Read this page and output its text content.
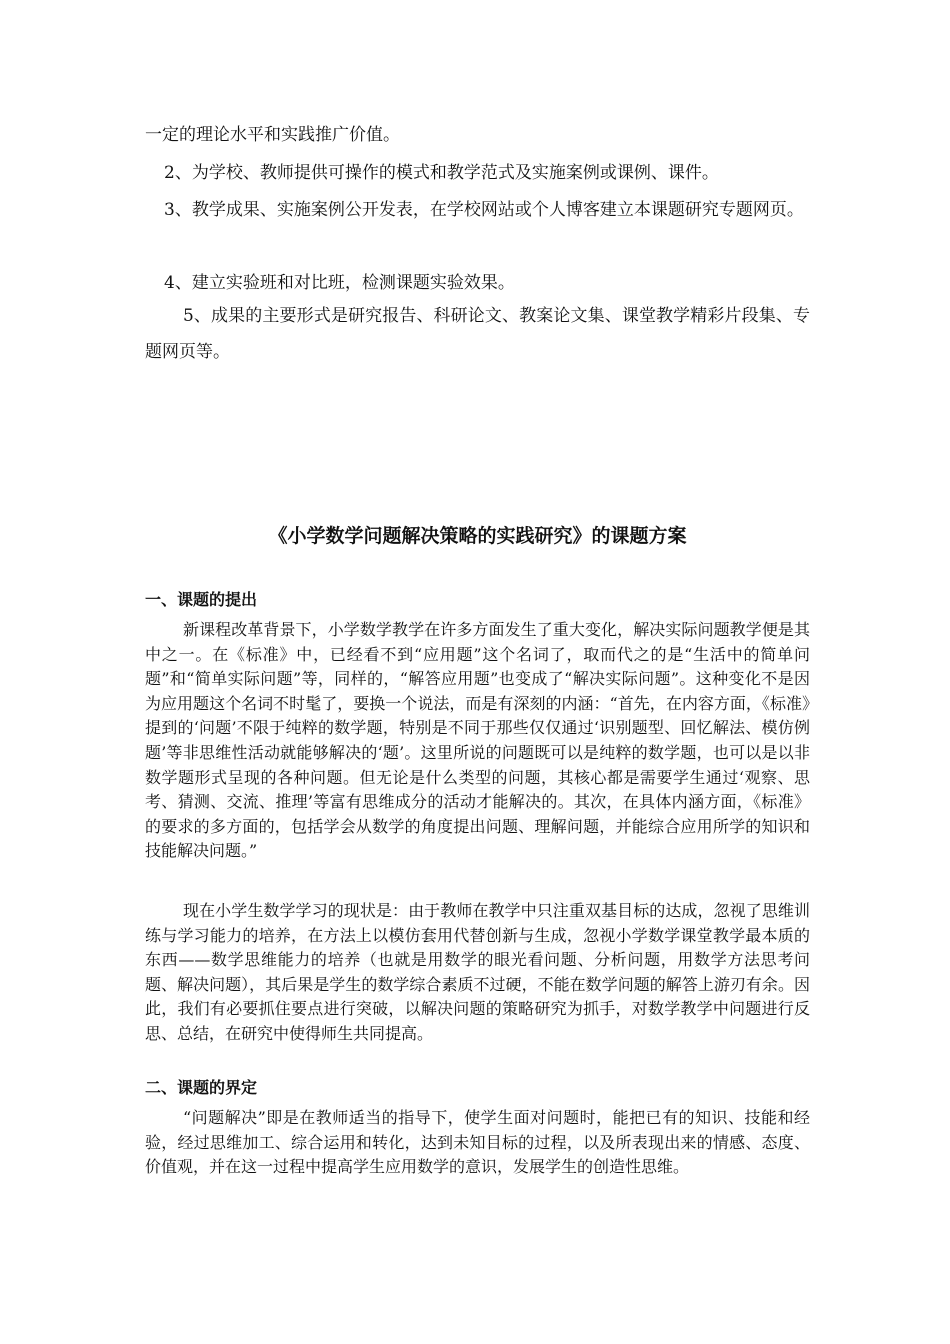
一定的理论水平和实践推广价值。

2、为学校、教师提供可操作的模式和教学范式及实施案例或课例、课件。

3、教学成果、实施案例公开发表，在学校网站或个人博客建立本课题研究专题网页。

4、建立实验班和对比班，检测课题实验效果。

5、成果的主要形式是研究报告、科研论文、教案论文集、课堂教学精彩片段集、专题网页等。

《小学数学问题解决策略的实践研究》的课题方案
一、课题的提出

新课程改革背景下，小学数学教学在许多方面发生了重大变化，解决实际问题教学便是其中之一。在《标准》中，已经看不到“应用题”这个名词了，取而代之的是“生活中的简单问题”和“简单实际问题”等，同样的，“解答应用题”也变成了“解决实际问题”。这种变化不是因为应用题这个名词不时髦了，要换一个说法，而是有深刻的内涵：“首先，在内容方面，《标准》提到的‘问题’不限于纯粹的数学题，特别是不同于那些仅仅通过‘识别题型、回忆解法、模仿例题’等非思维性活动就能够解决的‘题’。这里所说的问题既可以是纯粹的数学题，也可以是以非数学题形式呈现的各种问题。但无论是什么类型的问题，其核心都是需要学生通过‘观察、思考、猜测、交流、推理’等富有思维成分的活动才能解决的。其次，在具体内涵方面，《标准》的要求的多方面的，包括学会从数学的角度提出问题、理解问题，并能综合应用所学的知识和技能解决问题。”

现在小学生数学学习的现状是：由于教师在教学中只注重双基目标的达成，忽视了思维训练与学习能力的培养，在方法上以模仿套用代替创新与生成，忽视小学数学课堂教学最本质的东西——数学思维能力的培养（也就是用数学的眼光看问题、分析问题，用数学方法思考问题、解决问题），其后果是学生的数学综合素质不过硬，不能在数学问题的解答上游刃有余。因此，我们有必要抓住要点进行突破，以解决问题的策略研究为抓手，对数学教学中问题进行反思、总结，在研究中使得师生共同提高。

二、课题的界定

“问题解决”即是在教师适当的指导下，使学生面对问题时，能把已有的知识、技能和经验，经过思维加工、综合运用和转化，达到未知目标的过程，以及所表现出来的情感、态度、价值观，并在这一过程中提高学生应用数学的意识，发展学生的创造性思维。
